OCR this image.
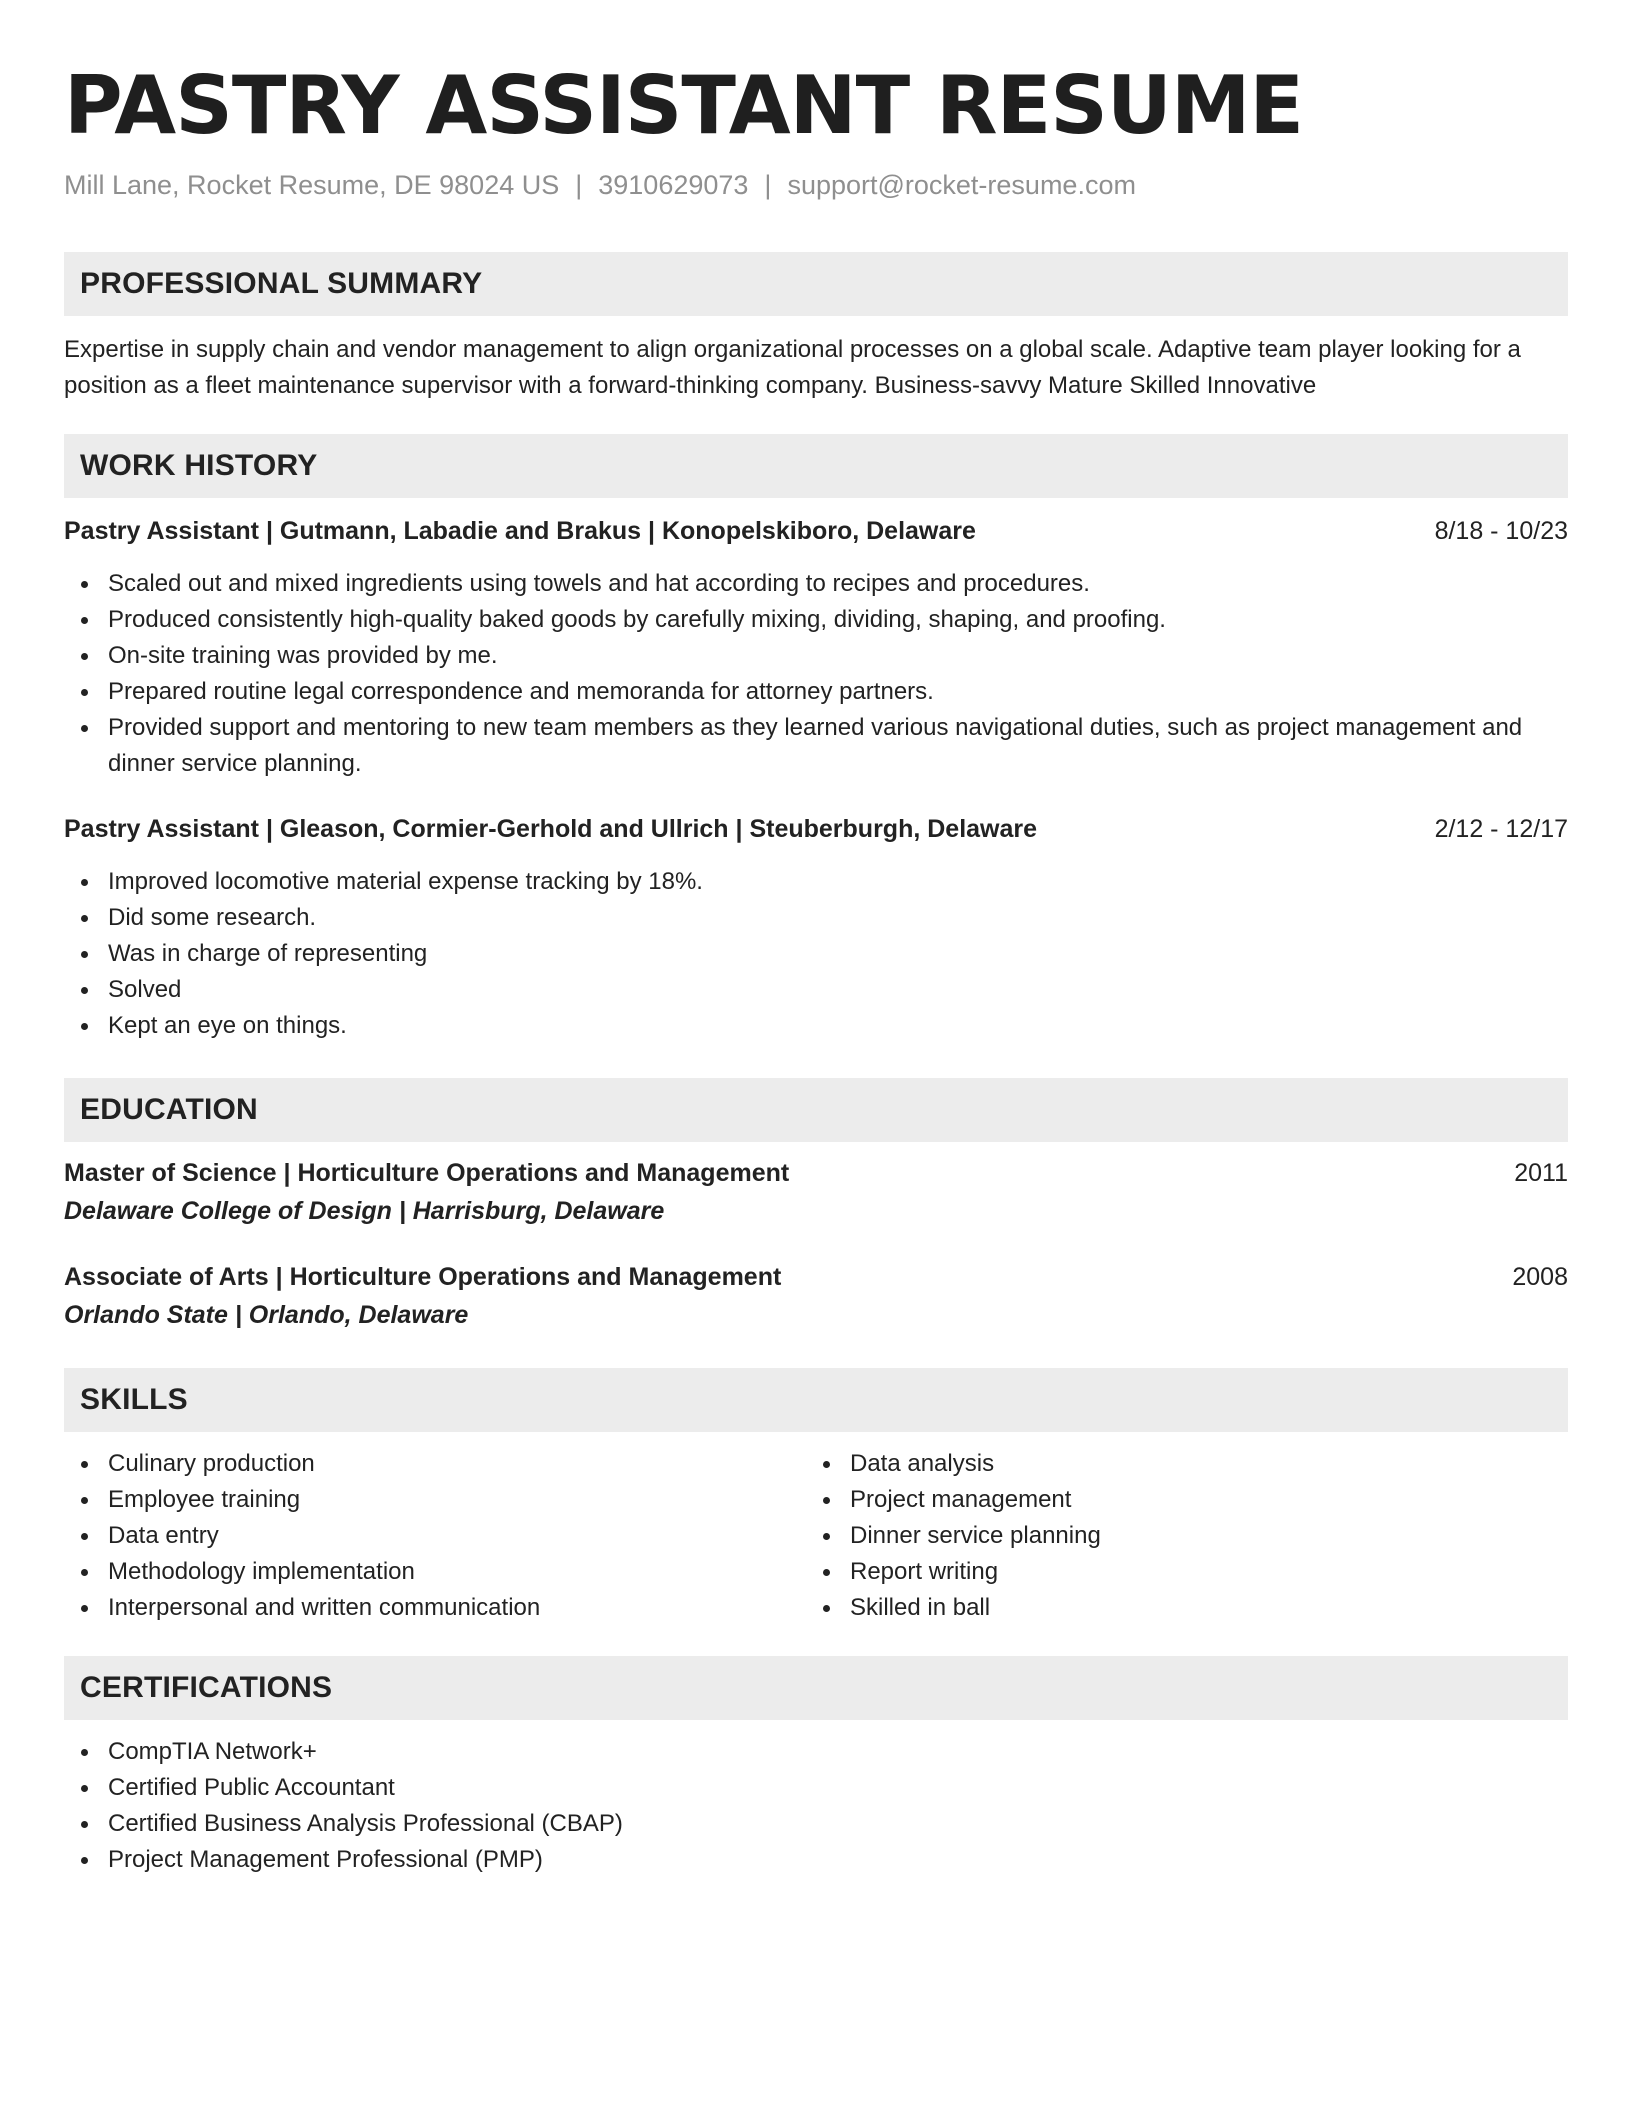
PASTRY ASSISTANT RESUME
Mill Lane, Rocket Resume, DE 98024 US | 3910629073 | support@rocket-resume.com
PROFESSIONAL SUMMARY

Expertise in supply chain and vendor management to align organizational processes on a global scale. Adaptive team player looking for a position as a fleet maintenance supervisor with a forward-thinking company. Business-savvy Mature Skilled Innovative

WORK HISTORY
Pastry Assistant | Gutmann, Labadie and Brakus | Konopelskiboro, Delaware	8/18 - 10/23
Scaled out and mixed ingredients using towels and hat according to recipes and procedures.
Produced consistently high-quality baked goods by carefully mixing, dividing, shaping, and proofing.
On-site training was provided by me.
Prepared routine legal correspondence and memoranda for attorney partners.
Provided support and mentoring to new team members as they learned various navigational duties, such as project management and dinner service planning.
Pastry Assistant | Gleason, Cormier-Gerhold and Ullrich | Steuberburgh, Delaware	2/12 - 12/17
Improved locomotive material expense tracking by 18%.
Did some research.
Was in charge of representing
Solved
Kept an eye on things.
EDUCATION
Master of Science | Horticulture Operations and Management	2011
Delaware College of Design | Harrisburg, Delaware
Associate of Arts | Horticulture Operations and Management	2008
Orlando State | Orlando, Delaware
SKILLS
Culinary production
Employee training
Data entry
Methodology implementation
Interpersonal and written communication
Data analysis
Project management
Dinner service planning
Report writing
Skilled in ball
CERTIFICATIONS
CompTIA Network+
Certified Public Accountant
Certified Business Analysis Professional (CBAP)
Project Management Professional (PMP)
